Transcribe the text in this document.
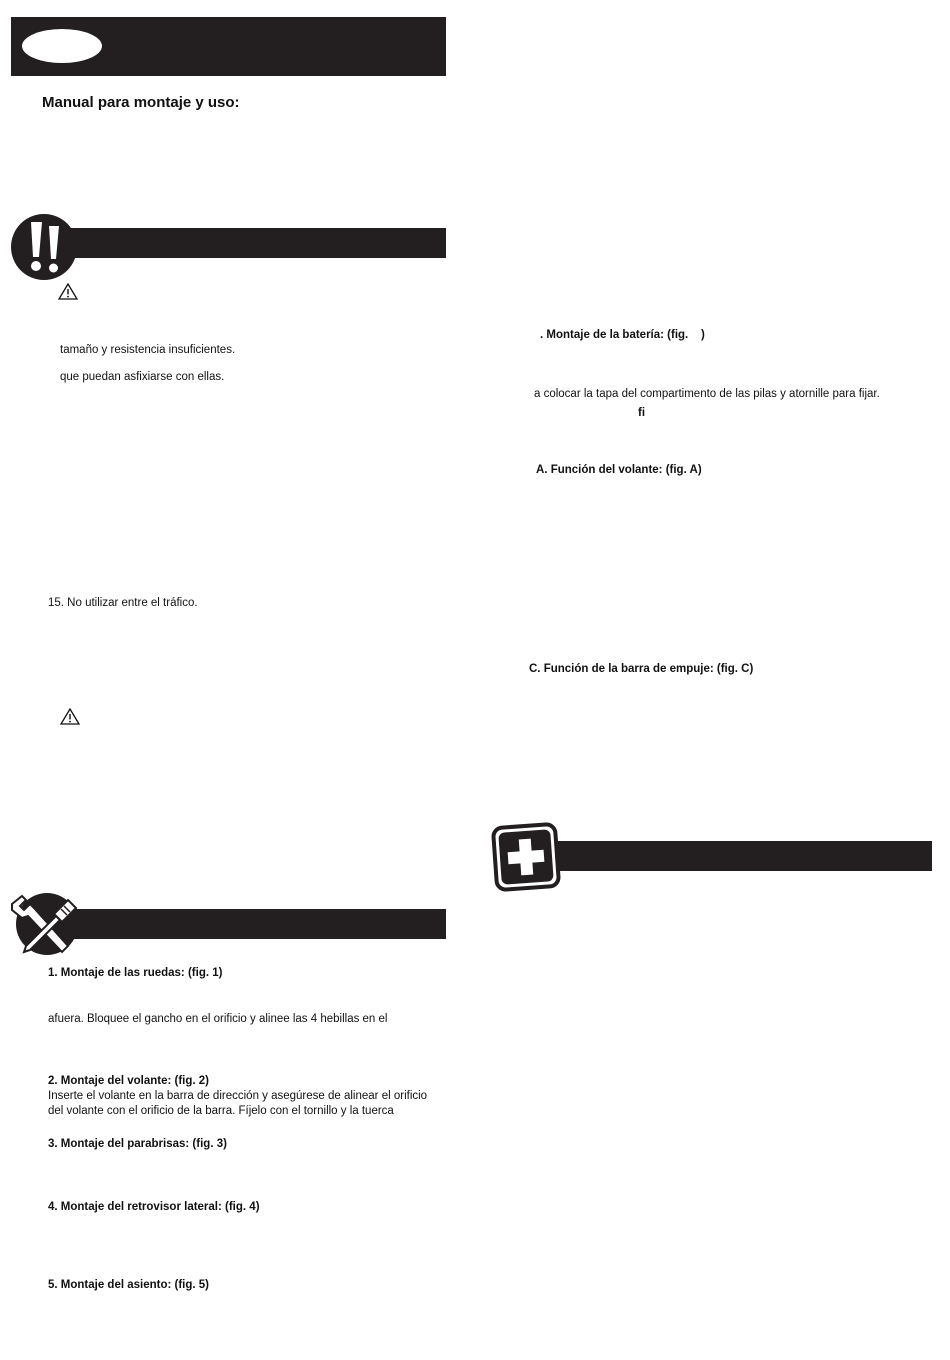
Manual para montaje y uso:
tamaño y resistencia insuficientes.
que puedan asfixiarse con ellas.
15. No utilizar entre el tráfico.
1. Montaje de las ruedas: (fig. 1)
afuera. Bloquee el gancho en el orificio y alinee las 4 hebillas en el
2. Montaje del volante: (fig. 2)
Inserte el volante en la barra de dirección y asegúrese de alinear el orificio
del volante con el orificio de la barra. Fíjelo con el tornillo y la tuerca
3. Montaje del parabrisas: (fig. 3)
4. Montaje del retrovisor lateral: (fig. 4)
5. Montaje del asiento: (fig. 5)
. Montaje de la batería: (fig.    )
a colocar la tapa del compartimento de las pilas y atornille para fijar.
fi
A. Función del volante: (fig. A)
C. Función de la barra de empuje: (fig. C)
